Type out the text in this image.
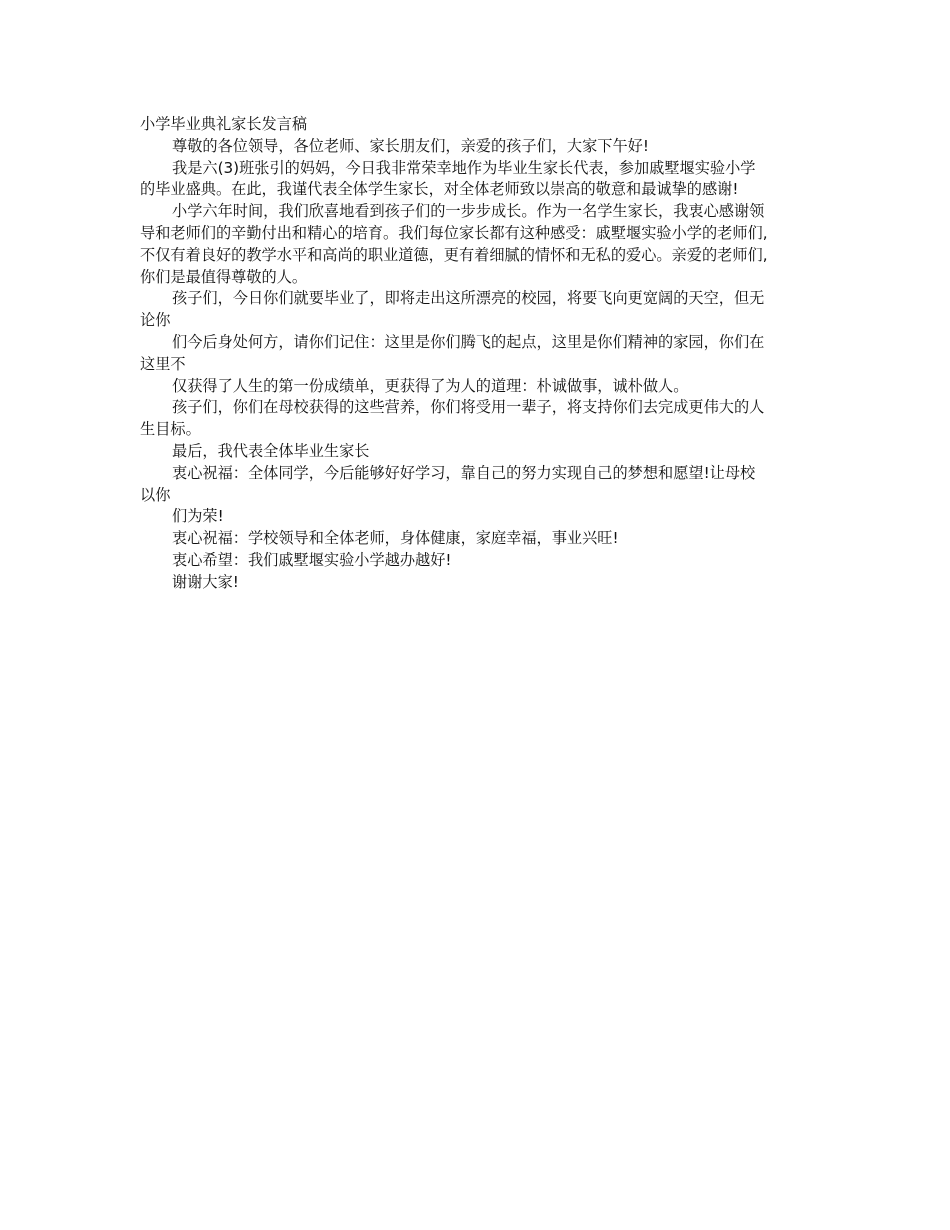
小学毕业典礼家长发言稿

尊敬的各位领导，各位老师、家长朋友们，亲爱的孩子们，大家下午好!

我是六(3)班张引的妈妈，今日我非常荣幸地作为毕业生家长代表，参加戚墅堰实验小学

的毕业盛典。在此，我谨代表全体学生家长，对全体老师致以崇高的敬意和最诚挚的感谢!

小学六年时间，我们欣喜地看到孩子们的一步步成长。作为一名学生家长，我衷心感谢领

导和老师们的辛勤付出和精心的培育。我们每位家长都有这种感受：戚墅堰实验小学的老师们,

不仅有着良好的教学水平和高尚的职业道德，更有着细腻的情怀和无私的爱心。亲爱的老师们,

你们是最值得尊敬的人。

孩子们，今日你们就要毕业了，即将走出这所漂亮的校园，将要飞向更宽阔的天空，但无

论你

们今后身处何方，请你们记住：这里是你们腾飞的起点，这里是你们精神的家园，你们在

这里不

仅获得了人生的第一份成绩单，更获得了为人的道理：朴诚做事，诚朴做人。

孩子们，你们在母校获得的这些营养，你们将受用一辈子，将支持你们去完成更伟大的人

生目标。

最后，我代表全体毕业生家长

衷心祝福：全体同学，今后能够好好学习，靠自己的努力实现自己的梦想和愿望!让母校

以你

们为荣!

衷心祝福：学校领导和全体老师，身体健康，家庭幸福，事业兴旺!

衷心希望：我们戚墅堰实验小学越办越好!

谢谢大家!
